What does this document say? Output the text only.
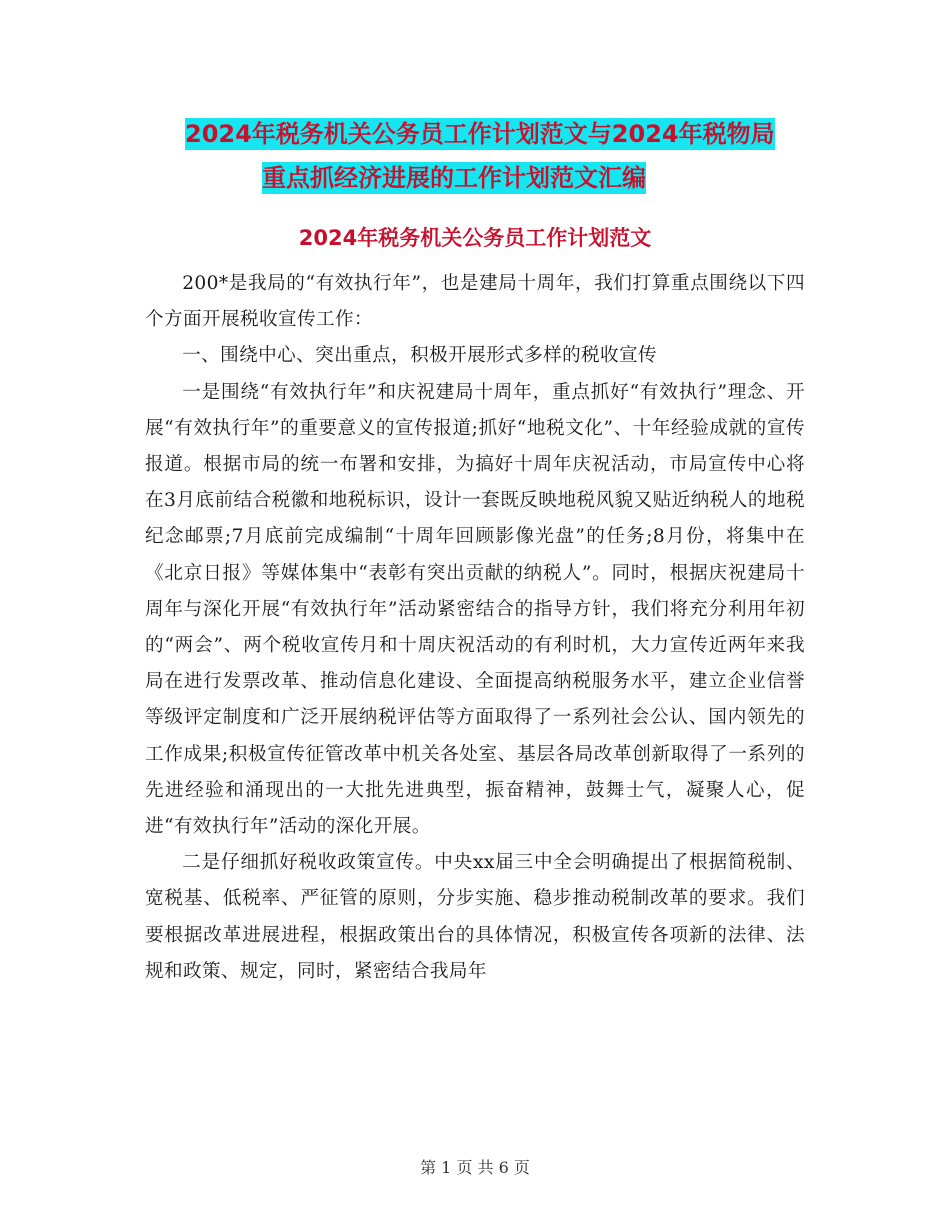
2024年税务机关公务员工作计划范文与2024年税物局
重点抓经济进展的工作计划范文汇编
2024年税务机关公务员工作计划范文

200*是我局的“有效执行年”，也是建局十周年，我们打算重点围绕以下四个方面开展税收宣传工作：

一、围绕中心、突出重点，积极开展形式多样的税收宣传

一是围绕“有效执行年”和庆祝建局十周年，重点抓好“有效执行”理念、开展“有效执行年”的重要意义的宣传报道;抓好“地税文化”、十年经验成就的宣传报道。根据市局的统一布署和安排，为搞好十周年庆祝活动，市局宣传中心将在3月底前结合税徽和地税标识，设计一套既反映地税风貌又贴近纳税人的地税纪念邮票;7月底前完成编制“十周年回顾影像光盘”的任务;8月份，将集中在《北京日报》等媒体集中“表彰有突出贡献的纳税人”。同时，根据庆祝建局十周年与深化开展“有效执行年”活动紧密结合的指导方针，我们将充分利用年初的“两会”、两个税收宣传月和十周庆祝活动的有利时机，大力宣传近两年来我局在进行发票改革、推动信息化建设、全面提高纳税服务水平，建立企业信誉等级评定制度和广泛开展纳税评估等方面取得了一系列社会公认、国内领先的工作成果;积极宣传征管改革中机关各处室、基层各局改革创新取得了一系列的先进经验和涌现出的一大批先进典型，振奋精神，鼓舞士气，凝聚人心，促进“有效执行年”活动的深化开展。

二是仔细抓好税收政策宣传。中央xx届三中全会明确提出了根据简税制、宽税基、低税率、严征管的原则，分步实施、稳步推动税制改革的要求。我们要根据改革进展进程，根据政策出台的具体情况，积极宣传各项新的法律、法规和政策、规定，同时，紧密结合我局年

第 1 页 共 6 页
